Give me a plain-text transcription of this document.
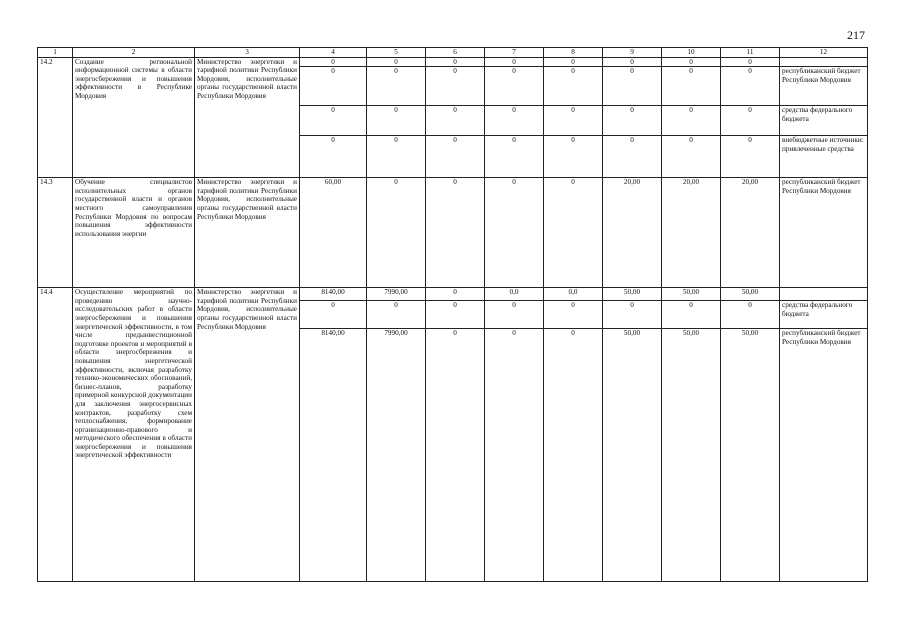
217
1	2	3	4	5	6	7	8	9	10	11	12
14.2	Создание региональной информационной системы в области энергосбережения и повышения эффективности в Республике Мордовия	Министерство энергетики и тарифной политики Республики Мордовия, исполнительные органы государственной власти Республики Мордовия	0	0	0	0	0	0	0	0	
			0	0	0	0	0	0	0	0	республиканский бюджет Республики Мордовия
			0	0	0	0	0	0	0	0	средства федерального бюджета
			0	0	0	0	0	0	0	0	внебюджетные источники: привлеченные средства
14.3	Обучение специалистов исполнительных органов государственной власти и органов местного самоуправления Республики Мордовия по вопросам повышения эффективности использования энергии	Министерство энергетики и тарифной политики Республики Мордовия, исполнительные органы государственной власти Республики Мордовия	60,00	0	0	0	0	20,00	20,00	20,00	республиканский бюджет Республики Мордовия
14.4	Осуществление мероприятий по проведению научно-исследовательских работ в области энергосбережения и повышения энергетической эффективности, в том числе предынвестиционной подготовке проектов и мероприятий в области энергосбережения и повышения энергетической эффективности, включая разработку технико-экономических обоснований, бизнес-планов, разработку примерной конкурсной документации для заключения энергосервисных контрактов, разработку схем теплоснабжения, формирование организационно-правового и методического обеспечения в области энергосбережения и повышения энергетической эффективности	Министерство энергетики и тарифной политики Республики Мордовия, исполнительные органы государственной власти Республики Мордовия	8140,00	7990,00	0	0,0	0,0	50,00	50,00	50,00	
			0	0	0	0	0	0	0	0	средства федерального бюджета
			8140,00	7990,00	0	0	0	50,00	50,00	50,00	республиканский бюджет Республики Мордовия
